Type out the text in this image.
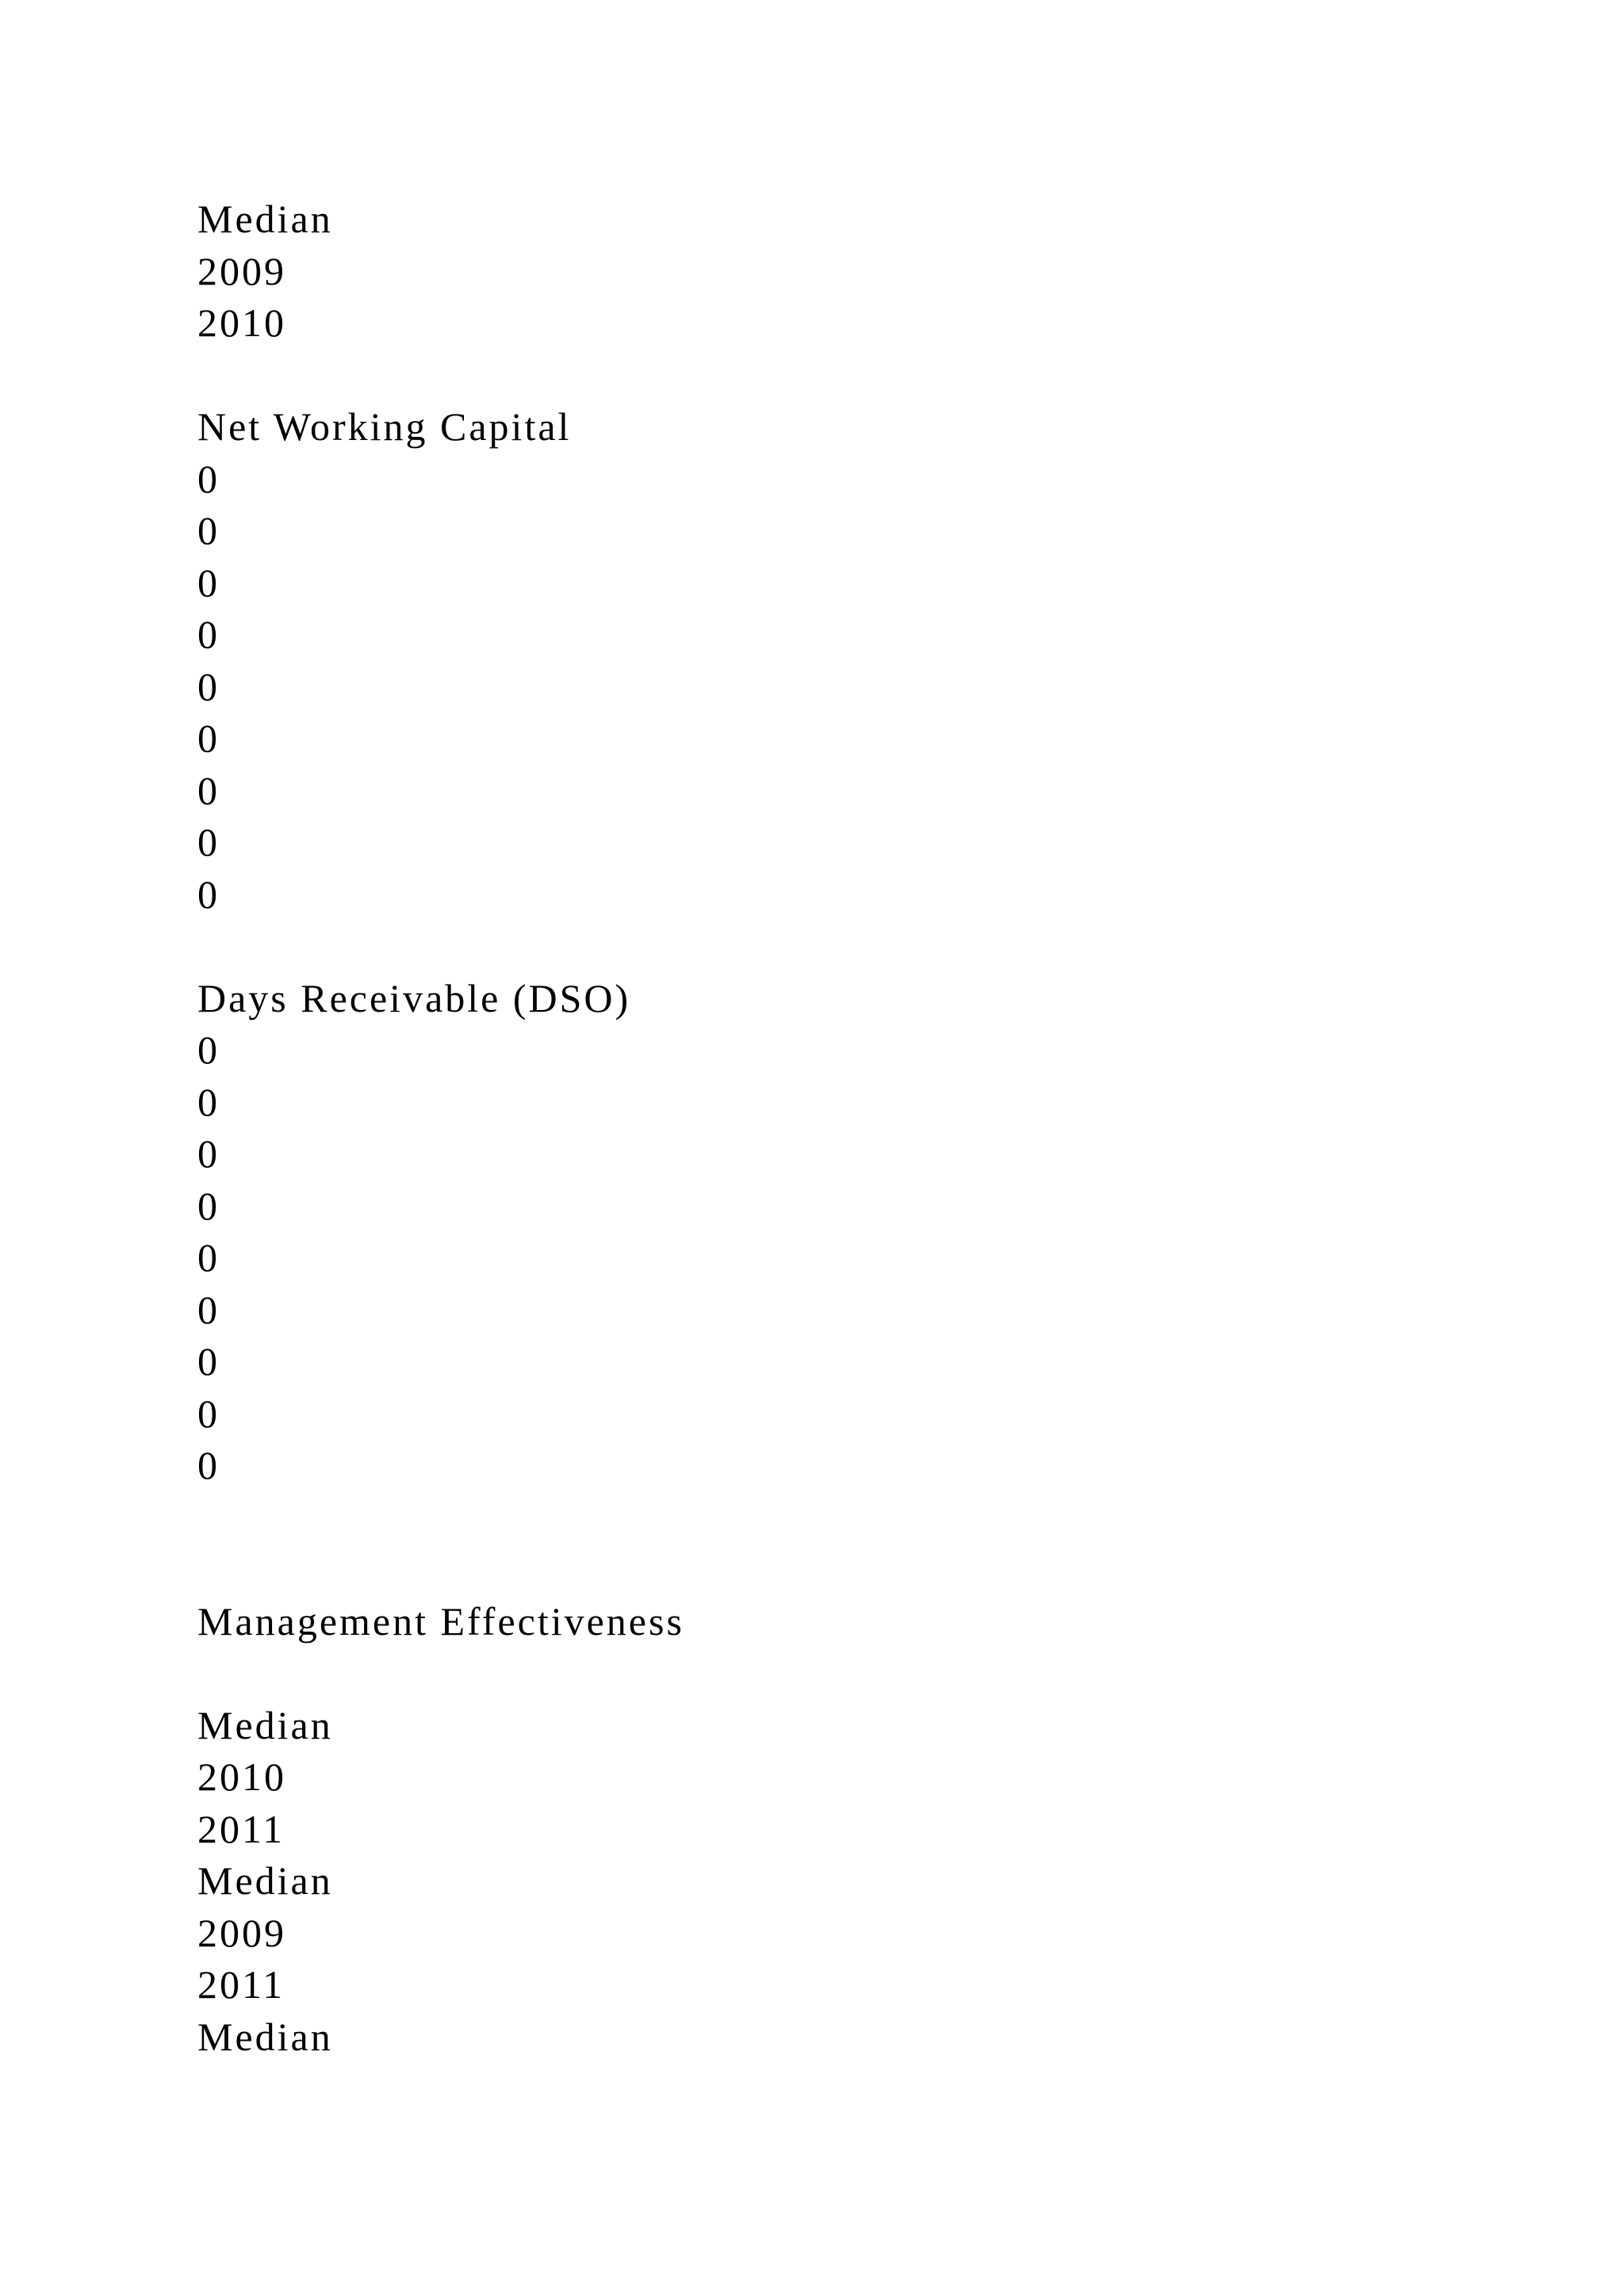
Median
2009
2010
Net Working Capital
0
0
0
0
0
0
0
0
0
Days Receivable (DSO)
0
0
0
0
0
0
0
0
0
Management Effectiveness
Median
2010
2011
Median
2009
2011
Median
